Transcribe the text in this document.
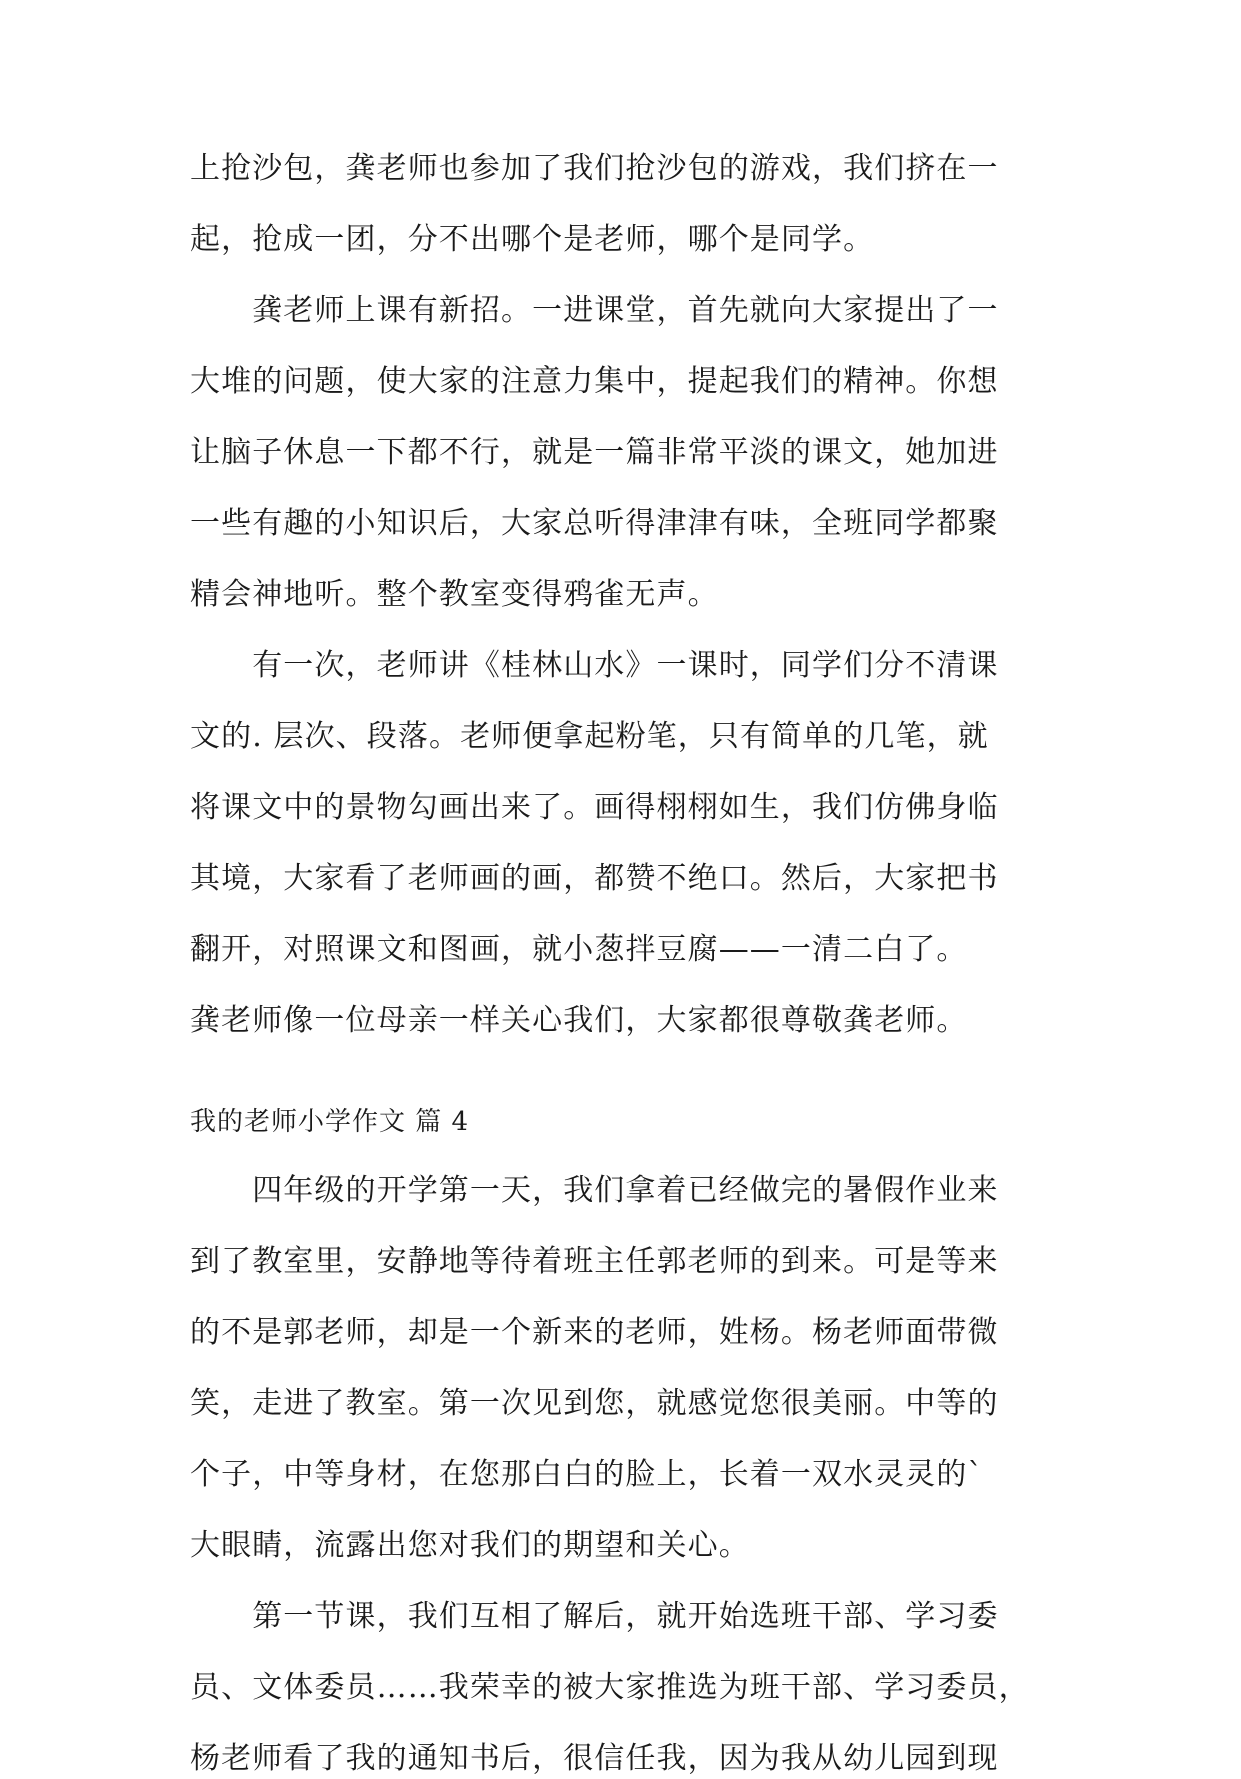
上抢沙包，龚老师也参加了我们抢沙包的游戏，我们挤在一
起，抢成一团，分不出哪个是老师，哪个是同学。
　　龚老师上课有新招。一进课堂，首先就向大家提出了一
大堆的问题，使大家的注意力集中，提起我们的精神。你想
让脑子休息一下都不行，就是一篇非常平淡的课文，她加进
一些有趣的小知识后，大家总听得津津有味，全班同学都聚
精会神地听。整个教室变得鸦雀无声。
　　有一次，老师讲《桂林山水》一课时，同学们分不清课
文的. 层次、段落。老师便拿起粉笔，只有简单的几笔，就
将课文中的景物勾画出来了。画得栩栩如生，我们仿佛身临
其境，大家看了老师画的画，都赞不绝口。然后，大家把书
翻开，对照课文和图画，就小葱拌豆腐——一清二白了。
龚老师像一位母亲一样关心我们，大家都很尊敬龚老师。
我的老师小学作文 篇 4
　　四年级的开学第一天，我们拿着已经做完的暑假作业来
到了教室里，安静地等待着班主任郭老师的到来。可是等来
的不是郭老师，却是一个新来的老师，姓杨。杨老师面带微
笑，走进了教室。第一次见到您，就感觉您很美丽。中等的
个子，中等身材，在您那白白的脸上，长着一双水灵灵的`
大眼睛，流露出您对我们的期望和关心。
　　第一节课，我们互相了解后，就开始选班干部、学习委
员、文体委员……我荣幸的被大家推选为班干部、学习委员，
杨老师看了我的通知书后，很信任我，因为我从幼儿园到现
